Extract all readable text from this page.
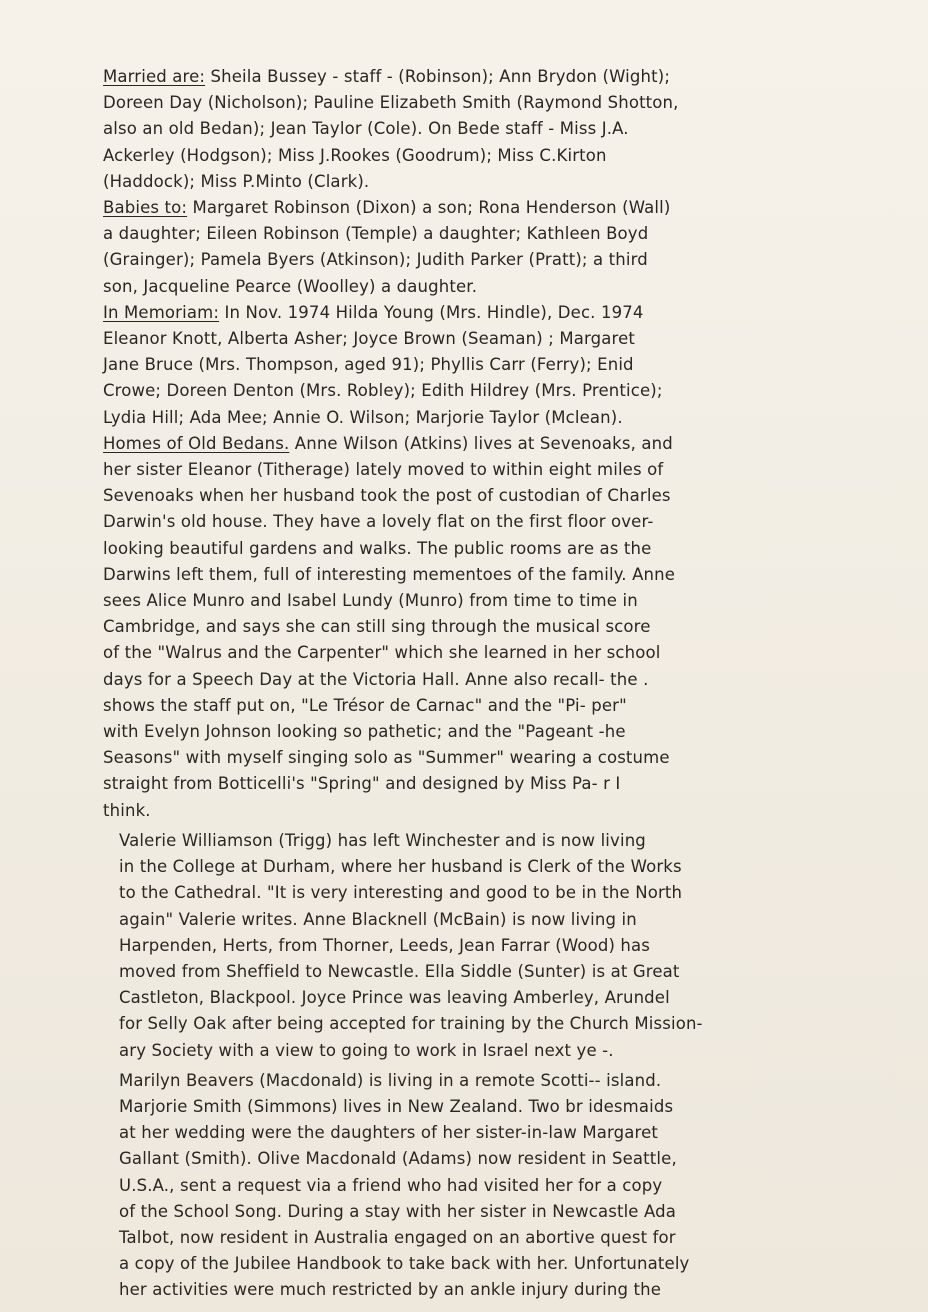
Married are: Sheila Bussey - staff - (Robinson); Ann Brydon (Wight);
Doreen Day (Nicholson); Pauline Elizabeth Smith (Raymond Shotton,
also an old Bedan); Jean Taylor (Cole). On Bede staff - Miss J.A.
Ackerley (Hodgson); Miss J.Rookes (Goodrum); Miss C.Kirton
(Haddock); Miss P.Minto (Clark).

Babies to: Margaret Robinson (Dixon) a son; Rona Henderson (Wall)
a daughter; Eileen Robinson (Temple) a daughter; Kathleen Boyd
(Grainger); Pamela Byers (Atkinson); Judith Parker (Pratt); a third
son, Jacqueline Pearce (Woolley) a daughter.

In Memoriam: In Nov. 1974 Hilda Young (Mrs. Hindle), Dec. 1974
Eleanor Knott, Alberta Asher; Joyce Brown (Seaman) ; Margaret
Jane Bruce (Mrs. Thompson, aged 91); Phyllis Carr (Ferry); Enid
Crowe; Doreen Denton (Mrs. Robley); Edith Hildrey (Mrs. Prentice);
Lydia Hill; Ada Mee; Annie O. Wilson; Marjorie Taylor (Mclean).

Homes of Old Bedans. Anne Wilson (Atkins) lives at Sevenoaks, and
her sister Eleanor (Titherage) lately moved to within eight miles of
Sevenoaks when her husband took the post of custodian of Charles
Darwin's old house. They have a lovely flat on the first floor over-
looking beautiful gardens and walks. The public rooms are as the
Darwins left them, full of interesting mementoes of the family. Anne
sees Alice Munro and Isabel Lundy (Munro) from time to time in
Cambridge, and says she can still sing through the musical score
of the "Walrus and the Carpenter" which she learned in her school
days for a Speech Day at the Victoria Hall. Anne also recall- the .
shows the staff put on, "Le Trésor de Carnac" and the "Pi- per"
with Evelyn Johnson looking so pathetic; and the "Pageant -he
Seasons" with myself singing solo as "Summer" wearing a costume
straight from Botticelli's "Spring" and designed by Miss Pa- r I
think.

Valerie Williamson (Trigg) has left Winchester and is now living
in the College at Durham, where her husband is Clerk of the Works
to the Cathedral. "It is very interesting and good to be in the North
again" Valerie writes. Anne Blacknell (McBain) is now living in
Harpenden, Herts, from Thorner, Leeds, Jean Farrar (Wood) has
moved from Sheffield to Newcastle. Ella Siddle (Sunter) is at Great
Castleton, Blackpool. Joyce Prince was leaving Amberley, Arundel
for Selly Oak after being accepted for training by the Church Mission-
ary Society with a view to going to work in Israel next ye -.

Marilyn Beavers (Macdonald) is living in a remote Scotti-- island.
Marjorie Smith (Simmons) lives in New Zealand. Two br idesmaids
at her wedding were the daughters of her sister-in-law Margaret
Gallant (Smith). Olive Macdonald (Adams) now resident in Seattle,
U.S.A., sent a request via a friend who had visited her for a copy
of the School Song. During a stay with her sister in Newcastle Ada
Talbot, now resident in Australia engaged on an abortive quest for
a copy of the Jubilee Handbook to take back with her. Unfortunately
her activities were much restricted by an ankle injury during the
